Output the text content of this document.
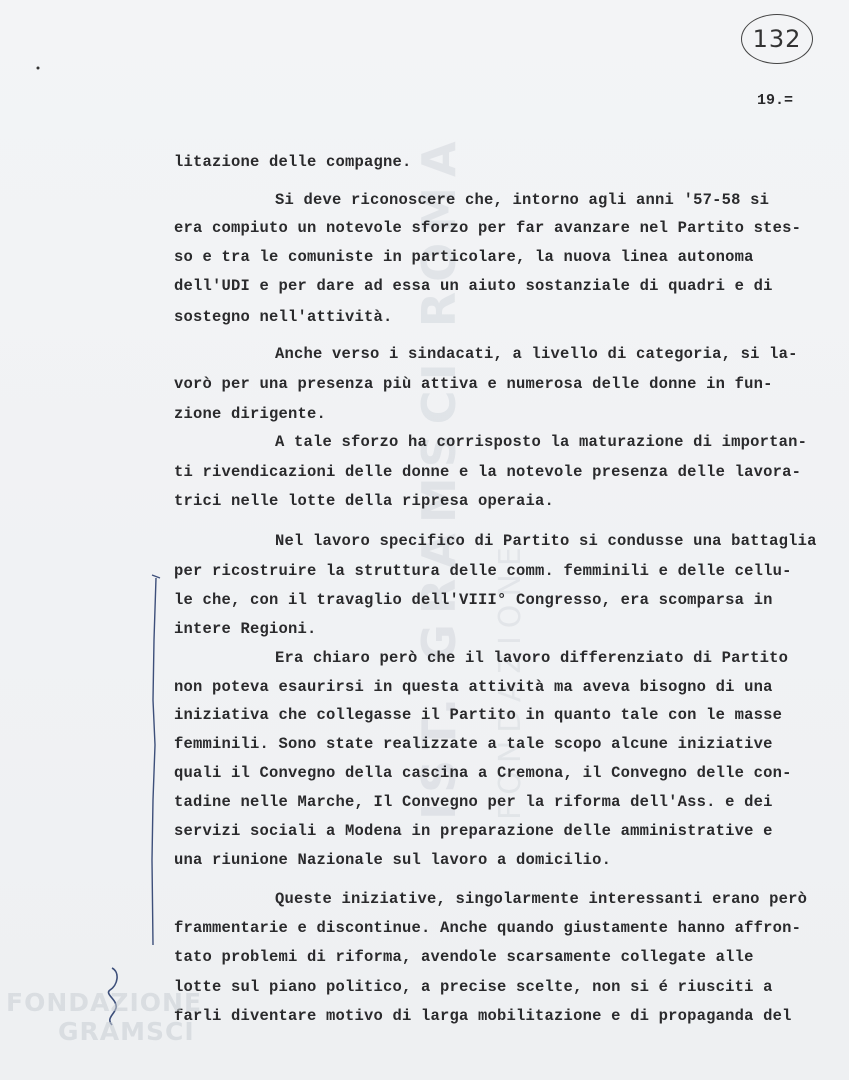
IST. GRAMSCI ROMA FONDAZIONE
132
19.=
litazione delle compagne.
Si deve riconoscere che, intorno agli anni '57-58 si
era compiuto un notevole sforzo per far avanzare nel Partito stes-
so e tra le comuniste in particolare, la nuova linea autonoma
dell'UDI e per dare ad essa un aiuto sostanziale di quadri e di
sostegno nell'attività.
Anche verso i sindacati, a livello di categoria, si la-
vorò per una presenza più attiva e numerosa delle donne in fun-
zione dirigente.
A tale sforzo ha corrisposto la maturazione di importan-
ti rivendicazioni delle donne e la notevole presenza delle lavora-
trici nelle lotte della ripresa operaia.
Nel lavoro specifico di Partito si condusse una battaglia
per ricostruire la struttura delle comm. femminili e delle cellu-
le che, con il travaglio dell'VIII° Congresso, era scomparsa in
intere Regioni.
Era chiaro però che il lavoro differenziato di Partito
non poteva esaurirsi in questa attività ma aveva bisogno di una
iniziativa che collegasse il Partito in quanto tale con le masse
femminili. Sono state realizzate a tale scopo alcune iniziative
quali il Convegno della cascina a Cremona, il Convegno delle con-
tadine nelle Marche, Il Convegno per la riforma dell'Ass. e dei
servizi sociali a Modena in preparazione delle amministrative e
una riunione Nazionale sul lavoro a domicilio.
Queste iniziative, singolarmente interessanti erano però
frammentarie e discontinue. Anche quando giustamente hanno affron-
tato problemi di riforma, avendole scarsamente collegate alle
lotte sul piano politico, a precise scelte, non si é riusciti a
farli diventare motivo di larga mobilitazione e di propaganda del
FONDAZIONE
GRAMSCI
